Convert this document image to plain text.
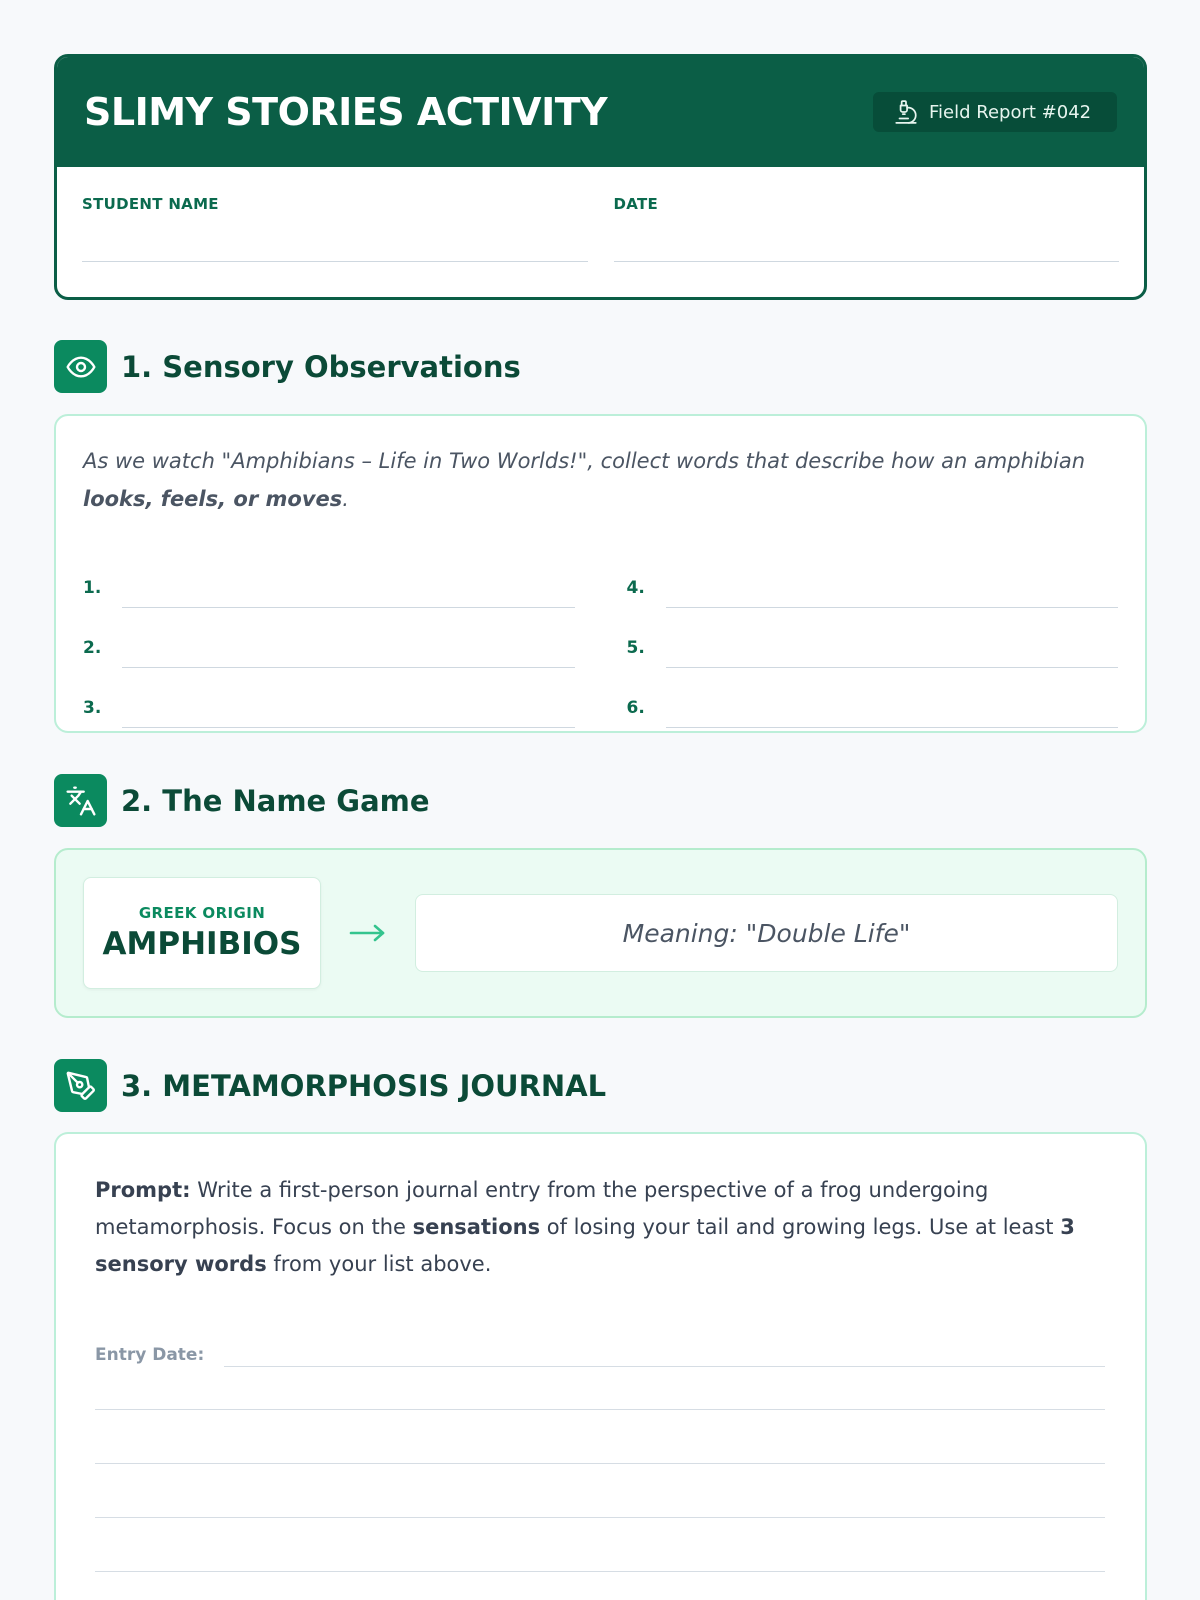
SLIMY STORIES ACTIVITY	Field Report #042
STUDENT NAME	DATE
1. Sensory Observations

As we watch "Amphibians – Life in Two Worlds!", collect words that describe how an amphibian looks, feels, or moves.

1.	4.
2.	5.
3.	6.
2. The Name Game
GREEK ORIGIN
AMPHIBIOS	Meaning: "Double Life"
3. METAMORPHOSIS JOURNAL

Prompt: Write a first-person journal entry from the perspective of a frog undergoing metamorphosis. Focus on the sensations of losing your tail and growing legs. Use at least 3 sensory words from your list above.

Entry Date:
